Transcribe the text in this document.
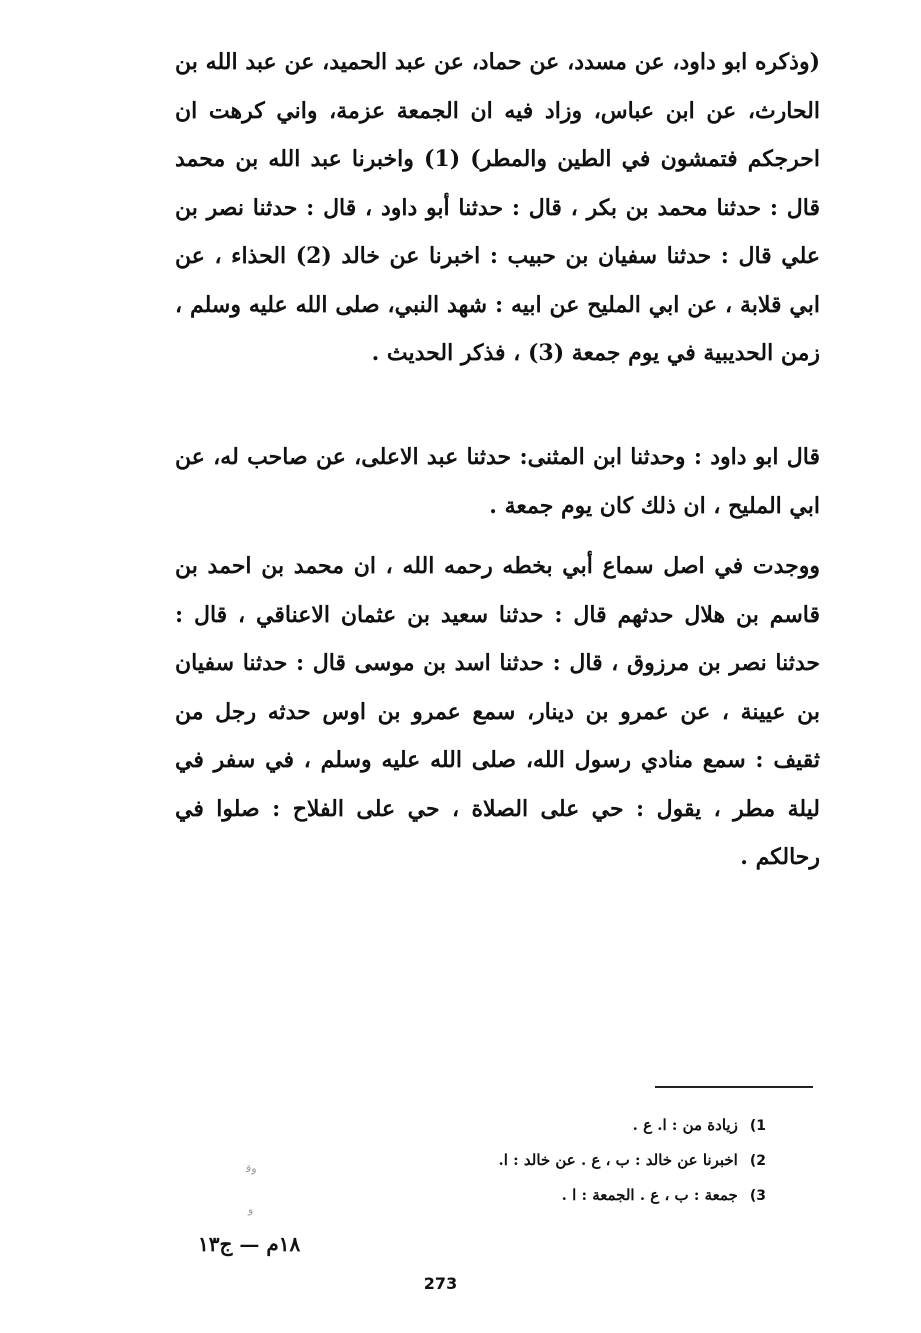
(وذكره ابو داود، عن مسدد، عن حماد، عن عبد الحميد، عن عبد الله بن الحارث، عن ابن عباس، وزاد فيه ان الجمعة عزمة، واني كرهت ان احرجكم فتمشون في الطين والمطر) (1) واخبرنا عبد الله بن محمد قال : حدثنا محمد بن بكر ، قال : حدثنا أبو داود ، قال : حدثنا نصر بن علي قال : حدثنا سفيان بن حبيب : اخبرنا عن خالد (2) الحذاء ، عن ابي قلابة ، عن ابي المليح عن ابيه : شهد النبي، صلى الله عليه وسلم ، زمن الحديبية في يوم جمعة (3) ، فذكر الحديث .

قال ابو داود : وحدثنا ابن المثنى: حدثنا عبد الاعلى، عن صاحب له، عن ابي المليح ، ان ذلك كان يوم جمعة .

ووجدت في اصل سماع أبي بخطه رحمه الله ، ان محمد بن احمد بن قاسم بن هلال حدثهم قال : حدثنا سعيد بن عثمان الاعناقي ، قال : حدثنا نصر بن مرزوق ، قال : حدثنا اسد بن موسى قال : حدثنا سفيان بن عيينة ، عن عمرو بن دينار، سمع عمرو بن اوس حدثه رجل من ثقيف : سمع منادي رسول الله، صلى الله عليه وسلم ، في سفر في ليلة مطر ، يقول : حي على الصلاة ، حي على الفلاح : صلوا في رحالكم .

1)زيادة من : ا. ع .
2)اخبرنا عن خالد : ب ، ع . عن خالد : ا.
3)جمعة : ب ، ع . الجمعة : ا .
ﻭﻗ
ﻭ
١٨م — ج١٣
273
